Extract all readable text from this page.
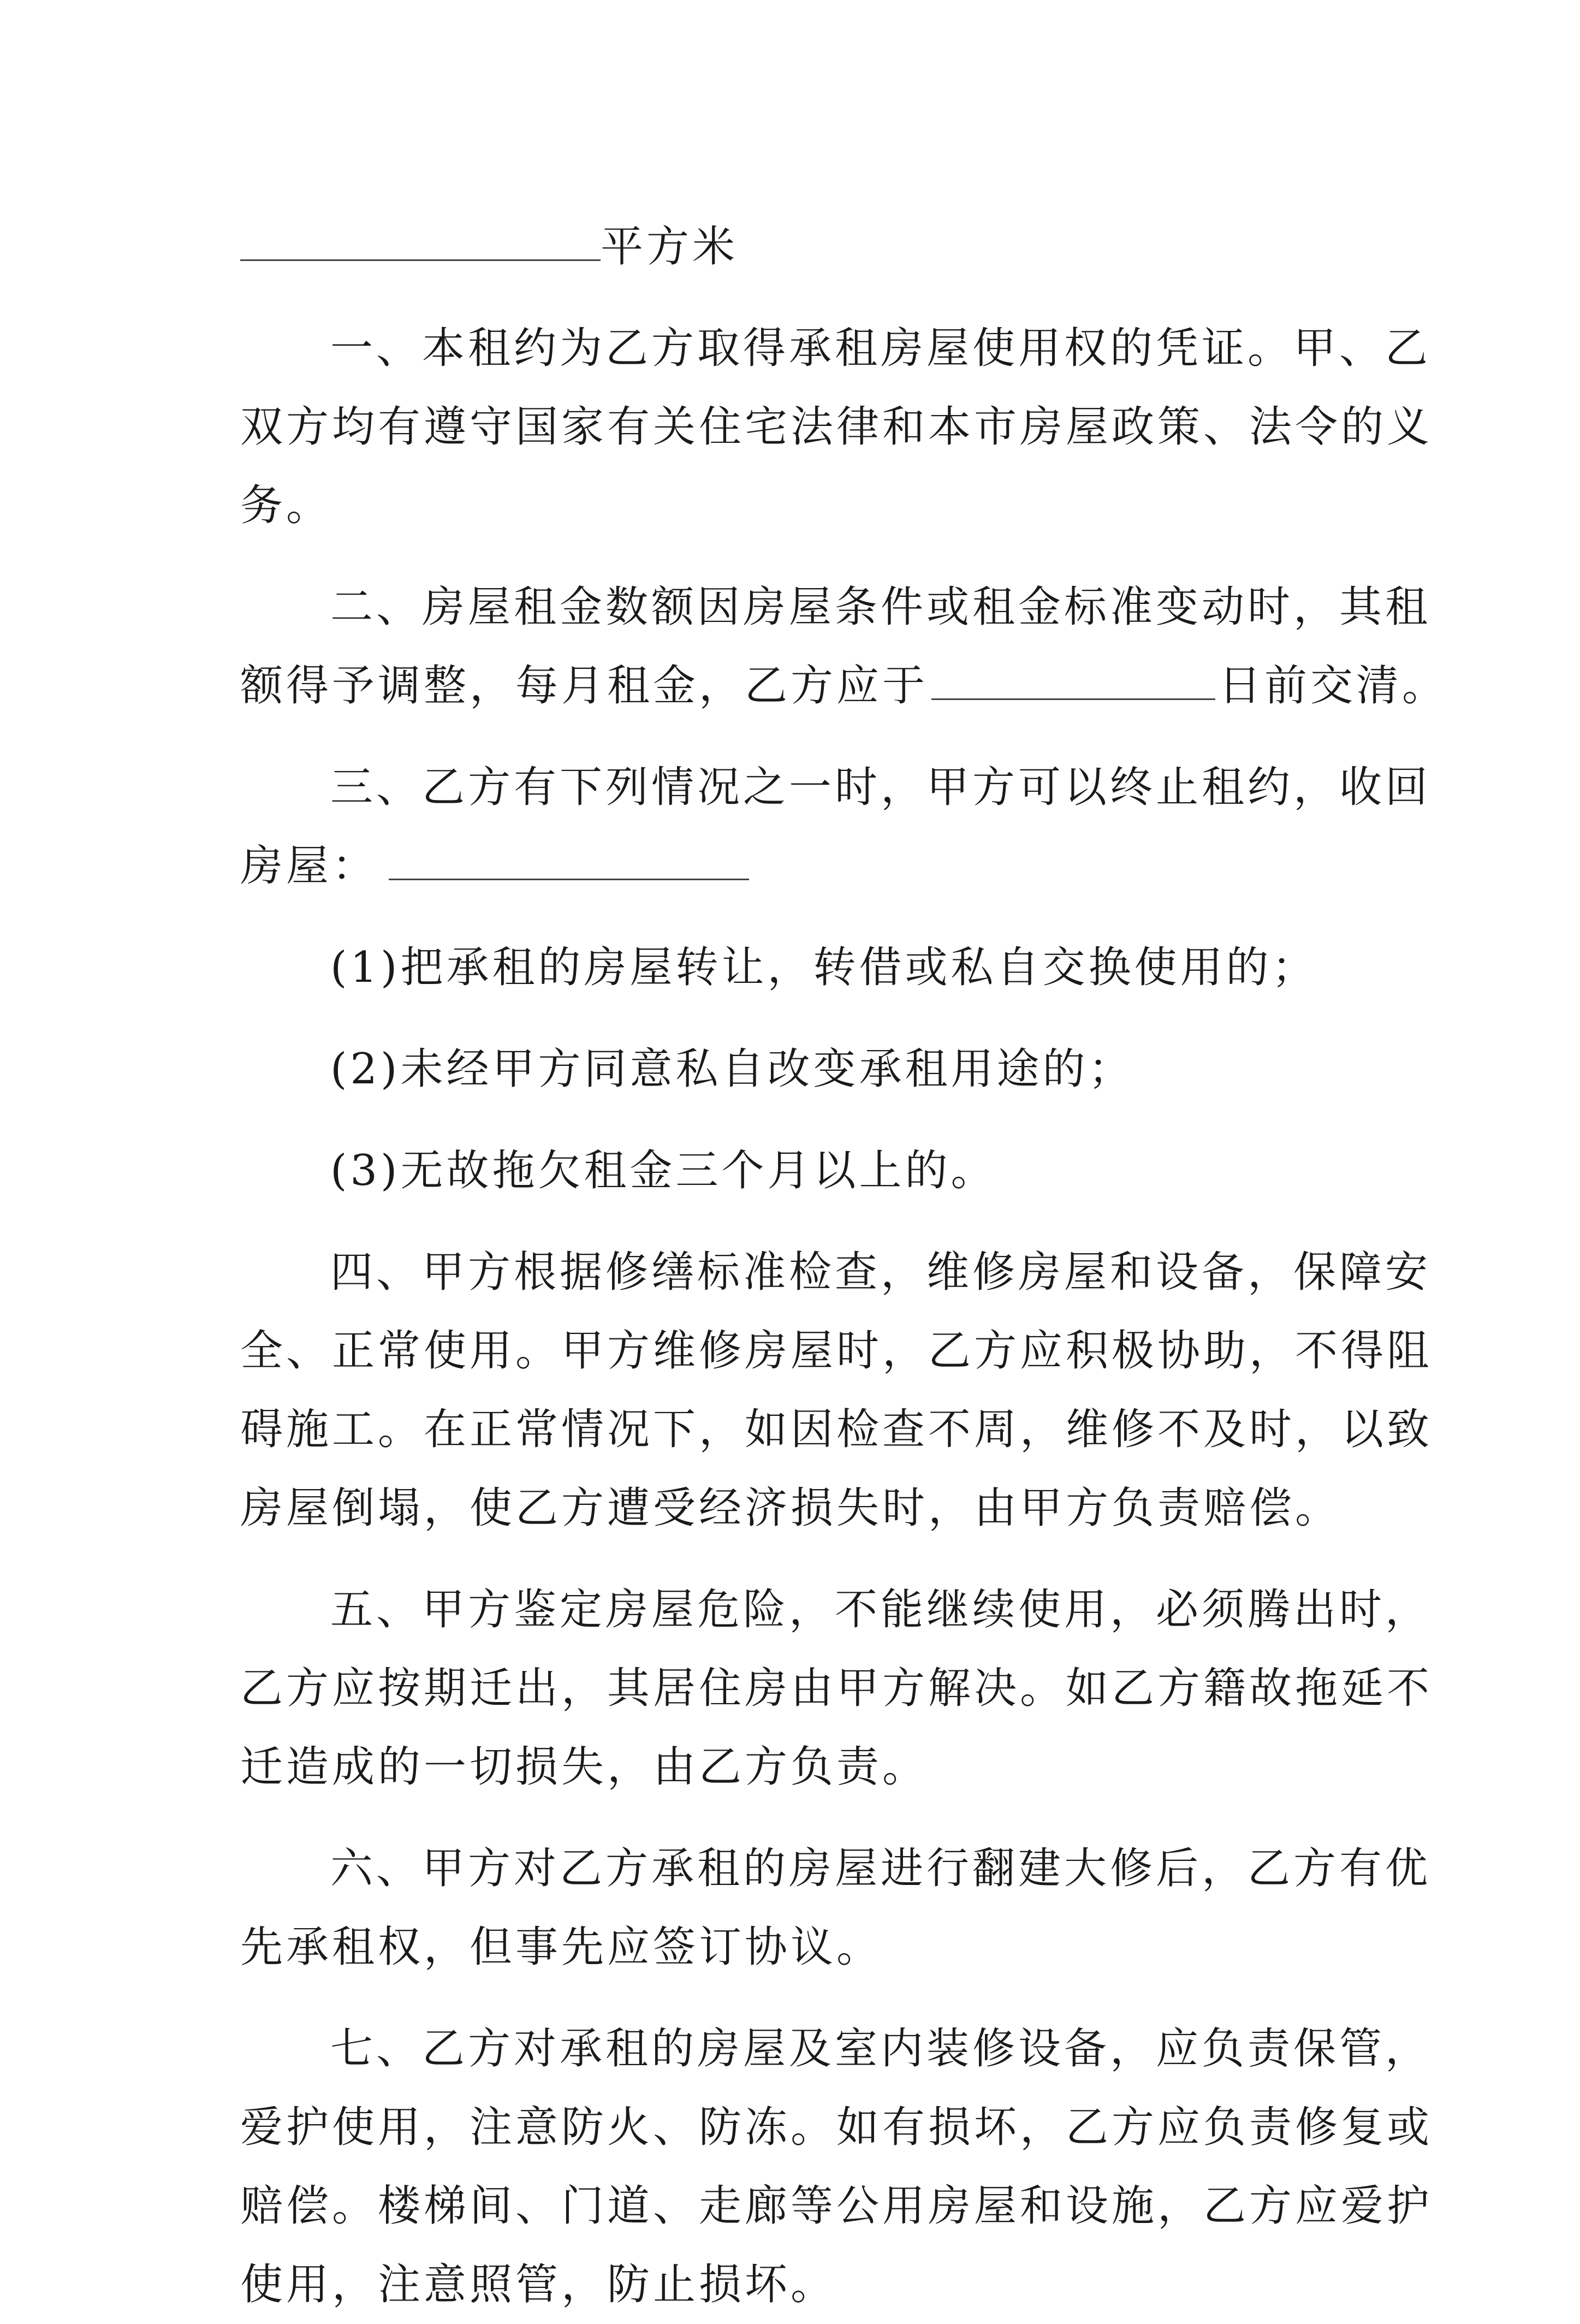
平方米
一、本租约为乙方取得承租房屋使用权的凭证。甲、乙
双方均有遵守国家有关住宅法律和本市房屋政策、法令的义
务。
二、房屋租金数额因房屋条件或租金标准变动时，其租
额得予调整，每月租金，乙方应于	日前交清。
三、乙方有下列情况之一时，甲方可以终止租约，收回
房屋：
(1)把承租的房屋转让，转借或私自交换使用的；
(2)未经甲方同意私自改变承租用途的；
(3)无故拖欠租金三个月以上的。
四、甲方根据修缮标准检查，维修房屋和设备，保障安
全、正常使用。甲方维修房屋时，乙方应积极协助，不得阻
碍施工。在正常情况下，如因检查不周，维修不及时，以致
房屋倒塌，使乙方遭受经济损失时，由甲方负责赔偿。
五、甲方鉴定房屋危险，不能继续使用，必须腾出时，
乙方应按期迁出，其居住房由甲方解决。如乙方籍故拖延不
迁造成的一切损失，由乙方负责。
六、甲方对乙方承租的房屋进行翻建大修后，乙方有优
先承租权，但事先应签订协议。
七、乙方对承租的房屋及室内装修设备，应负责保管，
爱护使用，注意防火、防冻。如有损坏，乙方应负责修复或
赔偿。楼梯间、门道、走廊等公用房屋和设施，乙方应爱护
使用，注意照管，防止损坏。
